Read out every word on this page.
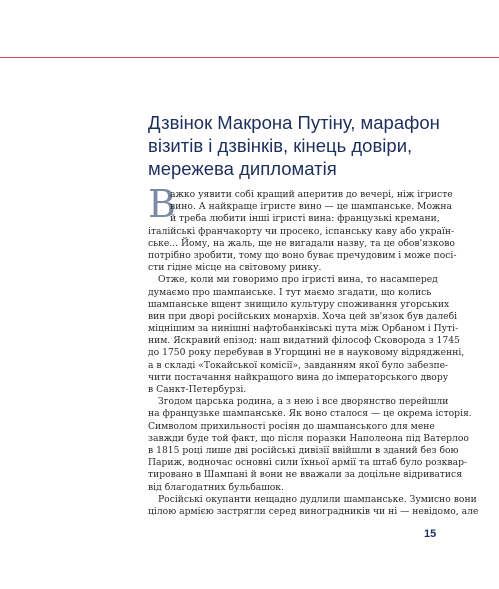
Дзвінок Макрона Путіну, марафон
візитів і дзвінків, кінець довіри,
мережева дипломатія
В
ажко уявити собі кращий аперитив до вечері, ніж ігристе
вино. А найкраще ігристе вино — це шампанське. Можна
й треба любити інші ігристі вина: французькі кремани,
італійські франчакорту чи просеко, іспанську каву або україн-
ське... Йому, на жаль, ще не вигадали назву, та це обов'язково
потрібно зробити, тому що воно буває пречудовим і може посі-
сти гідне місце на світовому ринку.
Отже, коли ми говоримо про ігристі вина, то насамперед
думаємо про шампанське. І тут маємо згадати, що колись
шампанське вщент знищило культуру споживання угорських
вин при дворі російських монархів. Хоча цей зв'язок був далебі
міцнішим за нинішні нафтобанківські пута між Орбаном і Путі-
ним. Яскравий епізод: наш видатний філософ Сковорода з 1745
до 1750 року перебував в Угорщині не в науковому відрядженні,
а в складі «Токайської комісії», завданням якої було забезпе-
чити постачання найкращого вина до імператорського двору
в Санкт-Петербурзі.
Згодом царська родина, а з нею і все дворянство перейшли
на французьке шампанське. Як воно сталося — це окрема історія.
Символом прихильності росіян до шампанського для мене
завжди буде той факт, що після поразки Наполеона під Ватерлоо
в 1815 році лише дві російські дивізії ввійшли в зданий без бою
Париж, водночас основні сили їхньої армії та штаб було розквар-
тировано в Шампані й вони не вважали за доцільне відриватися
від благодатних бульбашок.
Російські окупанти нещадно дудлили шампанське. Зумисно вони
цілою армією застрягли серед виноградників чи ні — невідомо, але
15
